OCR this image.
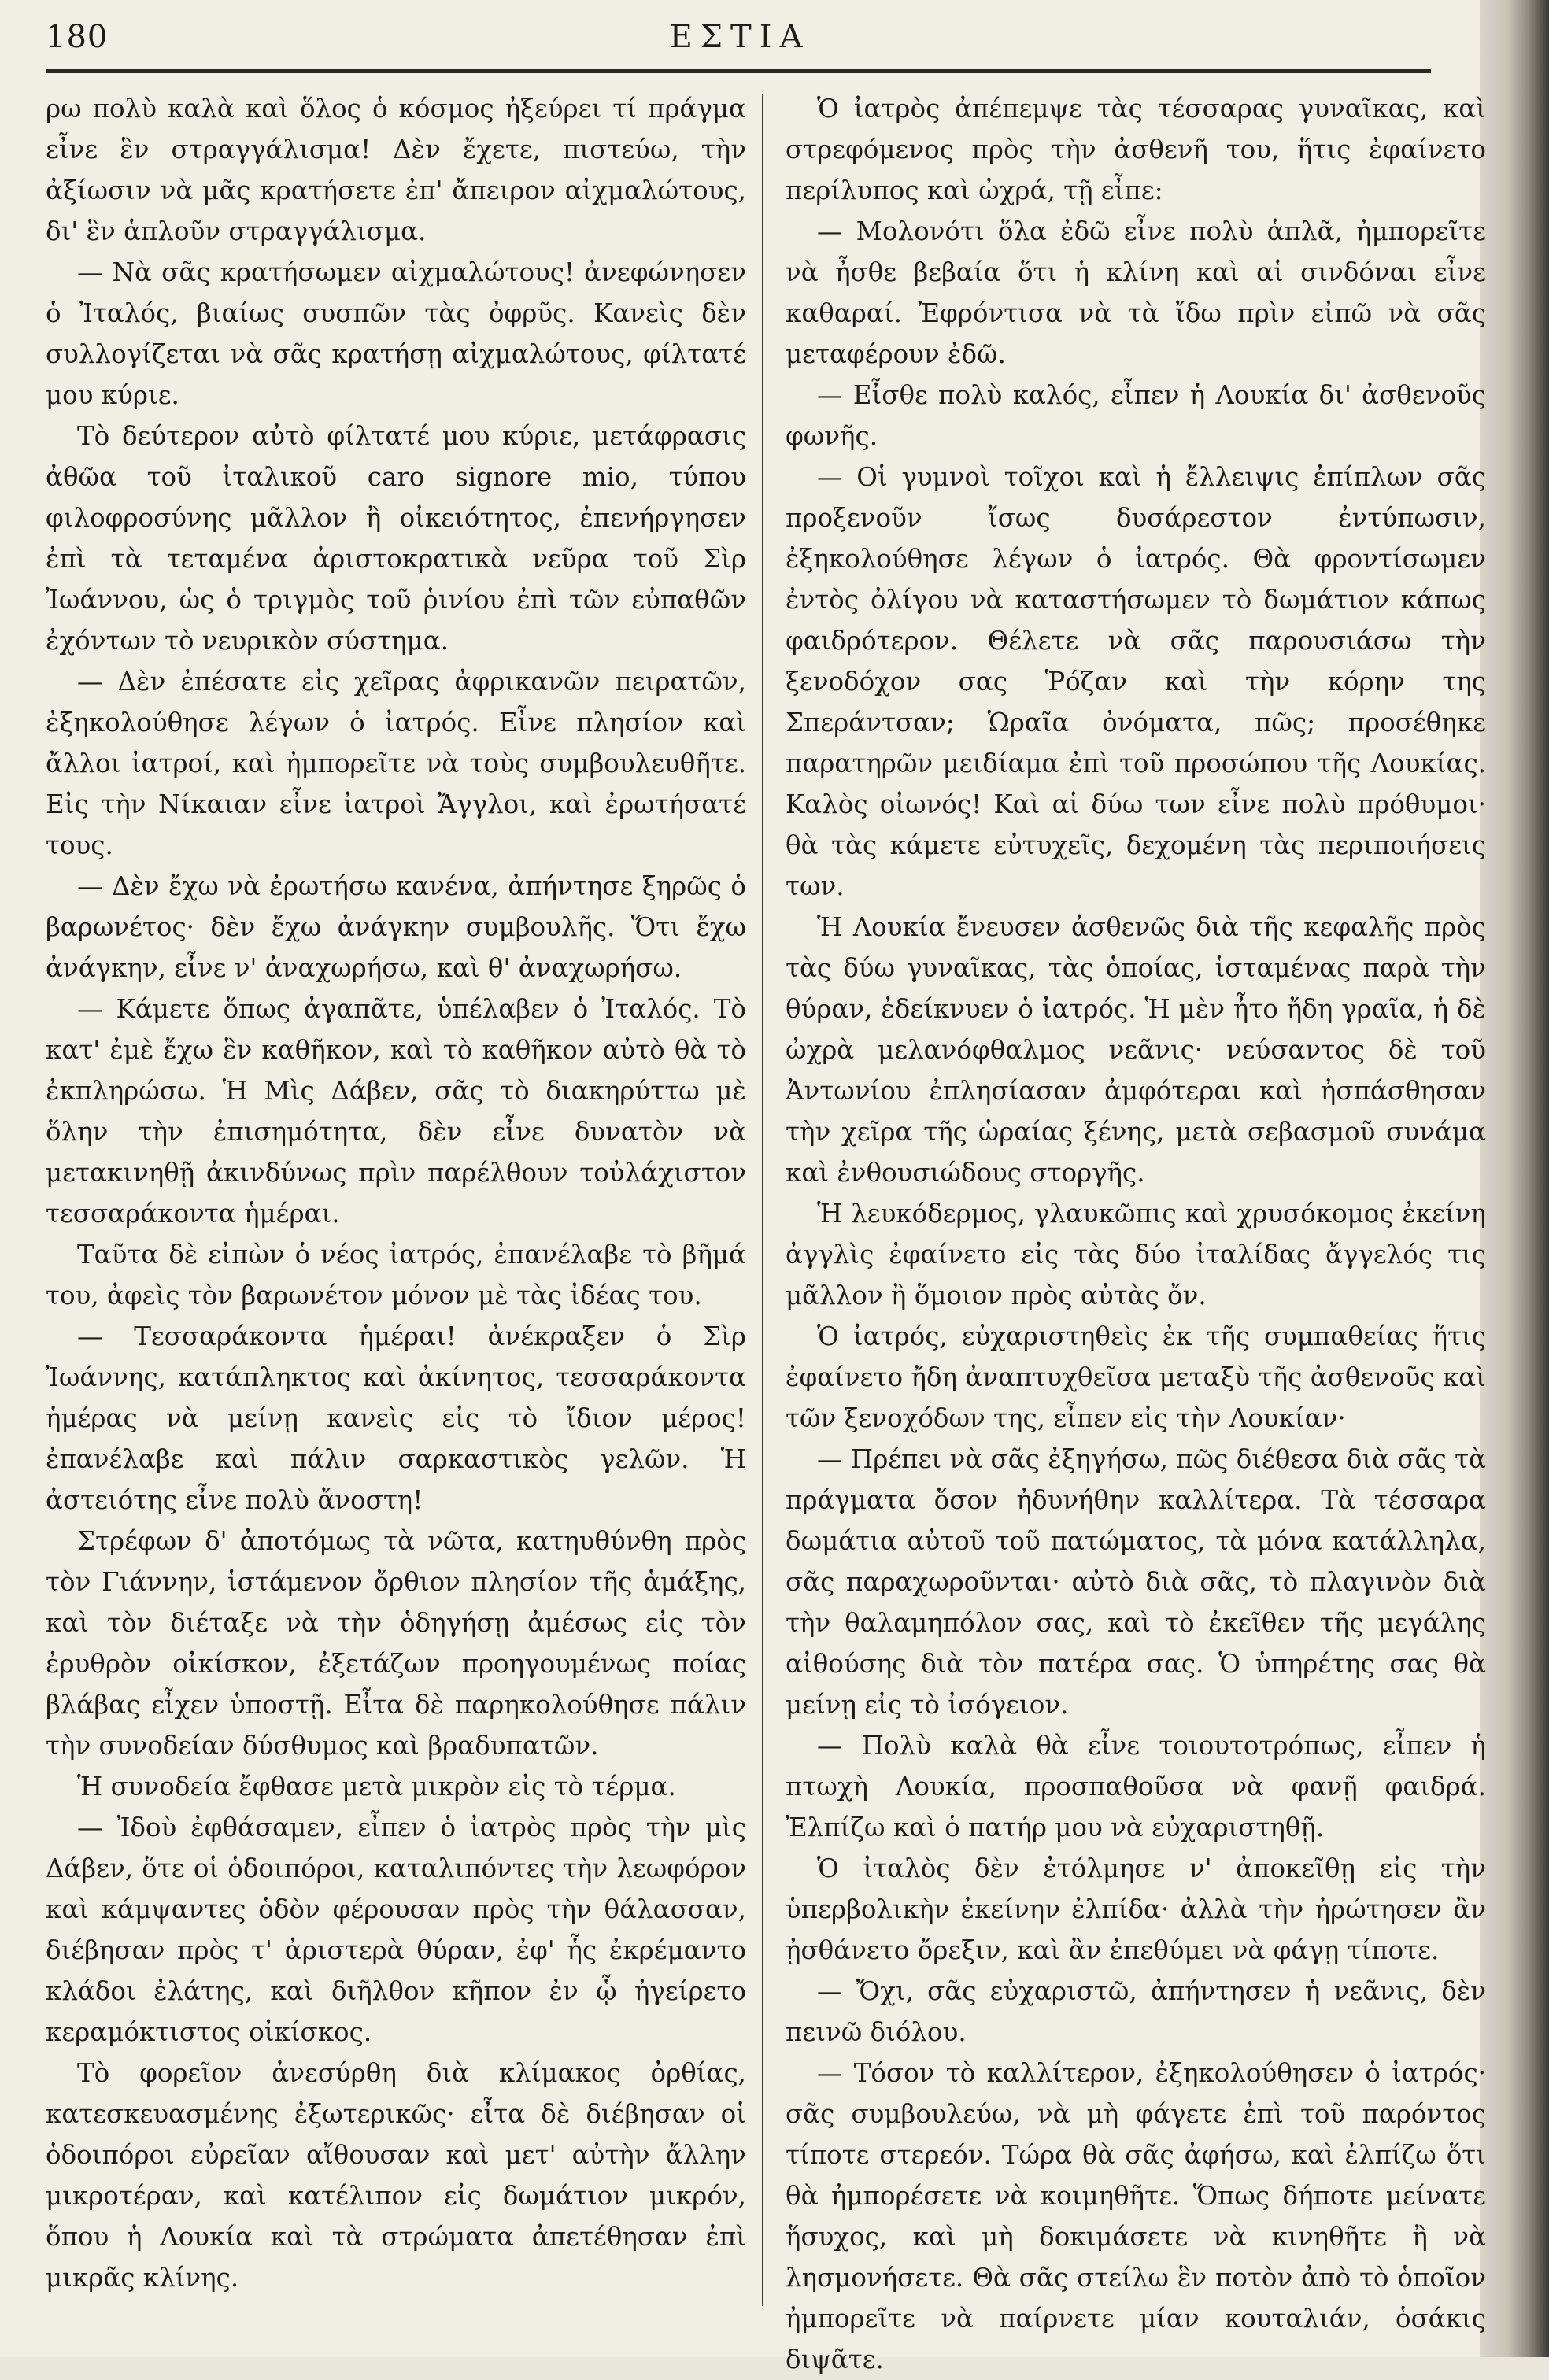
180	ΕΣΤΙΑ

ρω πολὺ καλὰ καὶ ὅλος ὁ κόσμος ἠξεύρει τί πράγμα εἶνε ἓν στραγγάλισμα! Δὲν ἔχετε, πιστεύω, τὴν ἀξίωσιν νὰ μᾶς κρατήσετε ἐπ' ἄπειρον αἰχμαλώτους, δι' ἓν ἁπλοῦν στραγγάλισμα.

— Νὰ σᾶς κρατήσωμεν αἰχμαλώτους! ἀνεφώνησεν ὁ Ἰταλός, βιαίως συσπῶν τὰς ὀφρῦς. Κανεὶς δὲν συλλογίζεται νὰ σᾶς κρατήσῃ αἰχμαλώτους, φίλτατέ μου κύριε.

Τὸ δεύτερον αὐτὸ φίλτατέ μου κύριε, μετάφρασις ἀθῶα τοῦ ἰταλικοῦ caro signore mio, τύπου φιλοφροσύνης μᾶλλον ἢ οἰκειότητος, ἐπενήργησεν ἐπὶ τὰ τεταμένα ἀριστοκρατικὰ νεῦρα τοῦ Σὶρ Ἰωάννου, ὡς ὁ τριγμὸς τοῦ ῥινίου ἐπὶ τῶν εὐπαθῶν ἐχόντων τὸ νευρικὸν σύστημα.

— Δὲν ἐπέσατε εἰς χεῖρας ἀφρικανῶν πειρατῶν, ἐξηκολούθησε λέγων ὁ ἰατρός. Εἶνε πλησίον καὶ ἄλλοι ἰατροί, καὶ ἠμπορεῖτε νὰ τοὺς συμβουλευθῆτε. Εἰς τὴν Νίκαιαν εἶνε ἰατροὶ Ἄγγλοι, καὶ ἐρωτήσατέ τους.

— Δὲν ἔχω νὰ ἐρωτήσω κανένα, ἀπήντησε ξηρῶς ὁ βαρωνέτος· δὲν ἔχω ἀνάγκην συμβουλῆς. Ὅτι ἔχω ἀνάγκην, εἶνε ν' ἀναχωρήσω, καὶ θ' ἀναχωρήσω.

— Κάμετε ὅπως ἀγαπᾶτε, ὑπέλαβεν ὁ Ἰταλός. Τὸ κατ' ἐμὲ ἔχω ἓν καθῆκον, καὶ τὸ καθῆκον αὐτὸ θὰ τὸ ἐκπληρώσω. Ἡ Μὶς Δάβεν, σᾶς τὸ διακηρύττω μὲ ὅλην τὴν ἐπισημότητα, δὲν εἶνε δυνατὸν νὰ μετακινηθῇ ἀκινδύνως πρὶν παρέλθουν τοὐλάχιστον τεσσαράκοντα ἡμέραι.

Ταῦτα δὲ εἰπὼν ὁ νέος ἰατρός, ἐπανέλαβε τὸ βῆμά του, ἀφεὶς τὸν βαρωνέτον μόνον μὲ τὰς ἰδέας του.

— Τεσσαράκοντα ἡμέραι! ἀνέκραξεν ὁ Σὶρ Ἰωάννης, κατάπληκτος καὶ ἀκίνητος, τεσσαράκοντα ἡμέρας νὰ μείνῃ κανεὶς εἰς τὸ ἴδιον μέρος! ἐπανέλαβε καὶ πάλιν σαρκαστικὸς γελῶν. Ἡ ἀστειότης εἶνε πολὺ ἄνοστη!

Στρέφων δ' ἀποτόμως τὰ νῶτα, κατηυθύνθη πρὸς τὸν Γιάννην, ἱστάμενον ὄρθιον πλησίον τῆς ἁμάξης, καὶ τὸν διέταξε νὰ τὴν ὁδηγήσῃ ἀμέσως εἰς τὸν ἐρυθρὸν οἰκίσκον, ἐξετάζων προηγουμένως ποίας βλάβας εἶχεν ὑποστῇ. Εἶτα δὲ παρηκολούθησε πάλιν τὴν συνοδείαν δύσθυμος καὶ βραδυπατῶν.

Ἡ συνοδεία ἔφθασε μετὰ μικρὸν εἰς τὸ τέρμα.

— Ἰδοὺ ἐφθάσαμεν, εἶπεν ὁ ἰατρὸς πρὸς τὴν μὶς Δάβεν, ὅτε οἱ ὁδοιπόροι, καταλιπόντες τὴν λεωφόρον καὶ κάμψαντες ὁδὸν φέρουσαν πρὸς τὴν θάλασσαν, διέβησαν πρὸς τ' ἀριστερὰ θύραν, ἐφ' ἧς ἐκρέμαντο κλάδοι ἐλάτης, καὶ διῆλθον κῆπον ἐν ᾧ ἠγείρετο κεραμόκτιστος οἰκίσκος.

Τὸ φορεῖον ἀνεσύρθη διὰ κλίμακος ὀρθίας, κατεσκευασμένης ἐξωτερικῶς· εἶτα δὲ διέβησαν οἱ ὁδοιπόροι εὐρεῖαν αἴθουσαν καὶ μετ' αὐτὴν ἄλλην μικροτέραν, καὶ κατέλιπον εἰς δωμάτιον μικρόν, ὅπου ἡ Λουκία καὶ τὰ στρώματα ἀπετέθησαν ἐπὶ μικρᾶς κλίνης.

Ὁ ἰατρὸς ἀπέπεμψε τὰς τέσσαρας γυναῖκας, καὶ στρεφόμενος πρὸς τὴν ἀσθενῆ του, ἥτις ἐφαίνετο περίλυπος καὶ ὠχρά, τῇ εἶπε:

— Μολονότι ὅλα ἐδῶ εἶνε πολὺ ἁπλᾶ, ἠμπορεῖτε νὰ ἦσθε βεβαία ὅτι ἡ κλίνη καὶ αἱ σινδόναι εἶνε καθαραί. Ἐφρόντισα νὰ τὰ ἴδω πρὶν εἰπῶ νὰ σᾶς μεταφέρουν ἐδῶ.

— Εἶσθε πολὺ καλός, εἶπεν ἡ Λουκία δι' ἀσθενοῦς φωνῆς.

— Οἱ γυμνοὶ τοῖχοι καὶ ἡ ἔλλειψις ἐπίπλων σᾶς προξενοῦν ἴσως δυσάρεστον ἐντύπωσιν, ἐξηκολούθησε λέγων ὁ ἰατρός. Θὰ φροντίσωμεν ἐντὸς ὀλίγου νὰ καταστήσωμεν τὸ δωμάτιον κάπως φαιδρότερον. Θέλετε νὰ σᾶς παρουσιάσω τὴν ξενοδόχον σας Ῥόζαν καὶ τὴν κόρην της Σπεράντσαν; Ὡραῖα ὀνόματα, πῶς; προσέθηκε παρατηρῶν μειδίαμα ἐπὶ τοῦ προσώπου τῆς Λουκίας. Καλὸς οἰωνός! Καὶ αἱ δύω των εἶνε πολὺ πρόθυμοι· θὰ τὰς κάμετε εὐτυχεῖς, δεχομένη τὰς περιποιήσεις των.

Ἡ Λουκία ἔνευσεν ἀσθενῶς διὰ τῆς κεφαλῆς πρὸς τὰς δύω γυναῖκας, τὰς ὁποίας, ἱσταμένας παρὰ τὴν θύραν, ἐδείκνυεν ὁ ἰατρός. Ἡ μὲν ἦτο ἤδη γραῖα, ἡ δὲ ὠχρὰ μελανόφθαλμος νεᾶνις· νεύσαντος δὲ τοῦ Ἀντωνίου ἐπλησίασαν ἀμφότεραι καὶ ἠσπάσθησαν τὴν χεῖρα τῆς ὡραίας ξένης, μετὰ σεβασμοῦ συνάμα καὶ ἐνθουσιώδους στοργῆς.

Ἡ λευκόδερμος, γλαυκῶπις καὶ χρυσόκομος ἐκείνη ἀγγλὶς ἐφαίνετο εἰς τὰς δύο ἰταλίδας ἄγγελός τις μᾶλλον ἢ ὅμοιον πρὸς αὐτὰς ὄν.

Ὁ ἰατρός, εὐχαριστηθεὶς ἐκ τῆς συμπαθείας ἥτις ἐφαίνετο ἤδη ἀναπτυχθεῖσα μεταξὺ τῆς ἀσθενοῦς καὶ τῶν ξενοχόδων της, εἶπεν εἰς τὴν Λουκίαν·

— Πρέπει νὰ σᾶς ἐξηγήσω, πῶς διέθεσα διὰ σᾶς τὰ πράγματα ὅσον ἠδυνήθην καλλίτερα. Τὰ τέσσαρα δωμάτια αὐτοῦ τοῦ πατώματος, τὰ μόνα κατάλληλα, σᾶς παραχωροῦνται· αὐτὸ διὰ σᾶς, τὸ πλαγινὸν διὰ τὴν θαλαμηπόλον σας, καὶ τὸ ἐκεῖθεν τῆς μεγάλης αἰθούσης διὰ τὸν πατέρα σας. Ὁ ὑπηρέτης σας θὰ μείνῃ εἰς τὸ ἰσόγειον.

— Πολὺ καλὰ θὰ εἶνε τοιουτοτρόπως, εἶπεν ἡ πτωχὴ Λουκία, προσπαθοῦσα νὰ φανῇ φαιδρά. Ἐλπίζω καὶ ὁ πατήρ μου νὰ εὐχαριστηθῇ.

Ὁ ἰταλὸς δὲν ἐτόλμησε ν' ἀποκεῖθῃ εἰς τὴν ὑπερβολικὴν ἐκείνην ἐλπίδα· ἀλλὰ τὴν ἠρώτησεν ἂν ᾐσθάνετο ὄρεξιν, καὶ ἂν ἐπεθύμει νὰ φάγῃ τίποτε.

— Ὄχι, σᾶς εὐχαριστῶ, ἀπήντησεν ἡ νεᾶνις, δὲν πεινῶ διόλου.

— Τόσον τὸ καλλίτερον, ἐξηκολούθησεν ὁ ἰατρός· σᾶς συμβουλεύω, νὰ μὴ φάγετε ἐπὶ τοῦ παρόντος τίποτε στερεόν. Τώρα θὰ σᾶς ἀφήσω, καὶ ἐλπίζω ὅτι θὰ ἠμπορέσετε νὰ κοιμηθῆτε. Ὅπως δήποτε μείνατε ἥσυχος, καὶ μὴ δοκιμάσετε νὰ κινηθῆτε ἢ νὰ λησμονήσετε. Θὰ σᾶς στείλω ἓν ποτὸν ἀπὸ τὸ ὁποῖον ἠμπορεῖτε νὰ παίρνετε μίαν κουταλιάν, ὁσάκις διψᾶτε.
